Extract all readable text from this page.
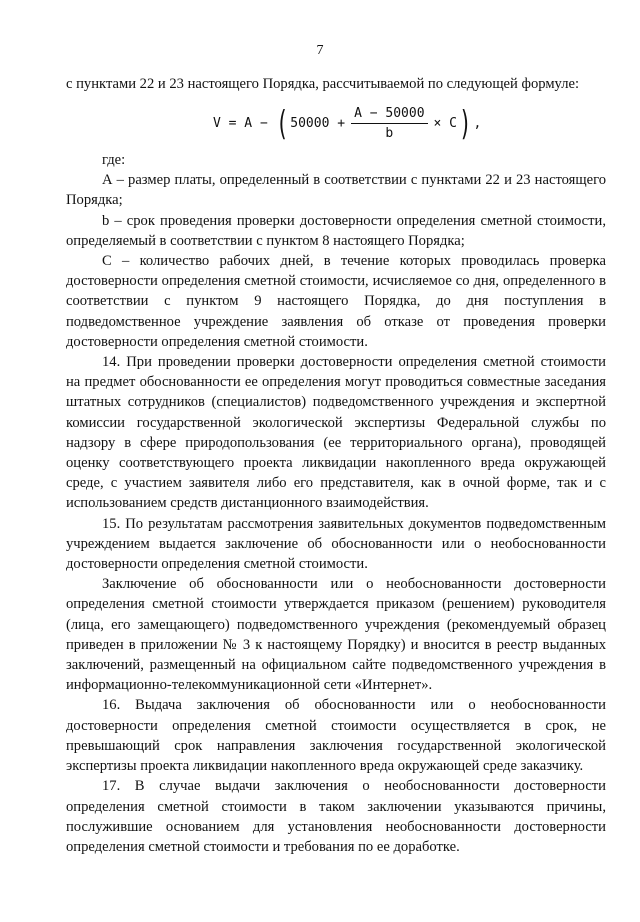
7

с пунктами 22 и 23 настоящего Порядка, рассчитываемой по следующей формуле:

V = A − ( $50000 + \frac{A - 50000}{b} \times C$ ) ,

где:

А – размер платы, определенный в соответствии с пунктами 22 и 23 настоящего Порядка;

b – срок проведения проверки достоверности определения сметной стоимости, определяемый в соответствии с пунктом 8 настоящего Порядка;

С – количество рабочих дней, в течение которых проводилась проверка достоверности определения сметной стоимости, исчисляемое со дня, определенного в соответствии с пунктом 9 настоящего Порядка, до дня поступления в подведомственное учреждение заявления об отказе от проведения проверки достоверности определения сметной стоимости.

14. При проведении проверки достоверности определения сметной стоимости на предмет обоснованности ее определения могут проводиться совместные заседания штатных сотрудников (специалистов) подведомственного учреждения и экспертной комиссии государственной экологической экспертизы Федеральной службы по надзору в сфере природопользования (ее территориального органа), проводящей оценку соответствующего проекта ликвидации накопленного вреда окружающей среде, с участием заявителя либо его представителя, как в очной форме, так и с использованием средств дистанционного взаимодействия.

15. По результатам рассмотрения заявительных документов подведомственным учреждением выдается заключение об обоснованности или о необоснованности достоверности определения сметной стоимости.

Заключение об обоснованности или о необоснованности достоверности определения сметной стоимости утверждается приказом (решением) руководителя (лица, его замещающего) подведомственного учреждения (рекомендуемый образец приведен в приложении № 3 к настоящему Порядку) и вносится в реестр выданных заключений, размещенный на официальном сайте подведомственного учреждения в информационно-телекоммуникационной сети «Интернет».

16. Выдача заключения об обоснованности или о необоснованности достоверности определения сметной стоимости осуществляется в срок, не превышающий срок направления заключения государственной экологической экспертизы проекта ликвидации накопленного вреда окружающей среде заказчику.

17. В случае выдачи заключения о необоснованности достоверности определения сметной стоимости в таком заключении указываются причины, послужившие основанием для установления необоснованности достоверности определения сметной стоимости и требования по ее доработке.
